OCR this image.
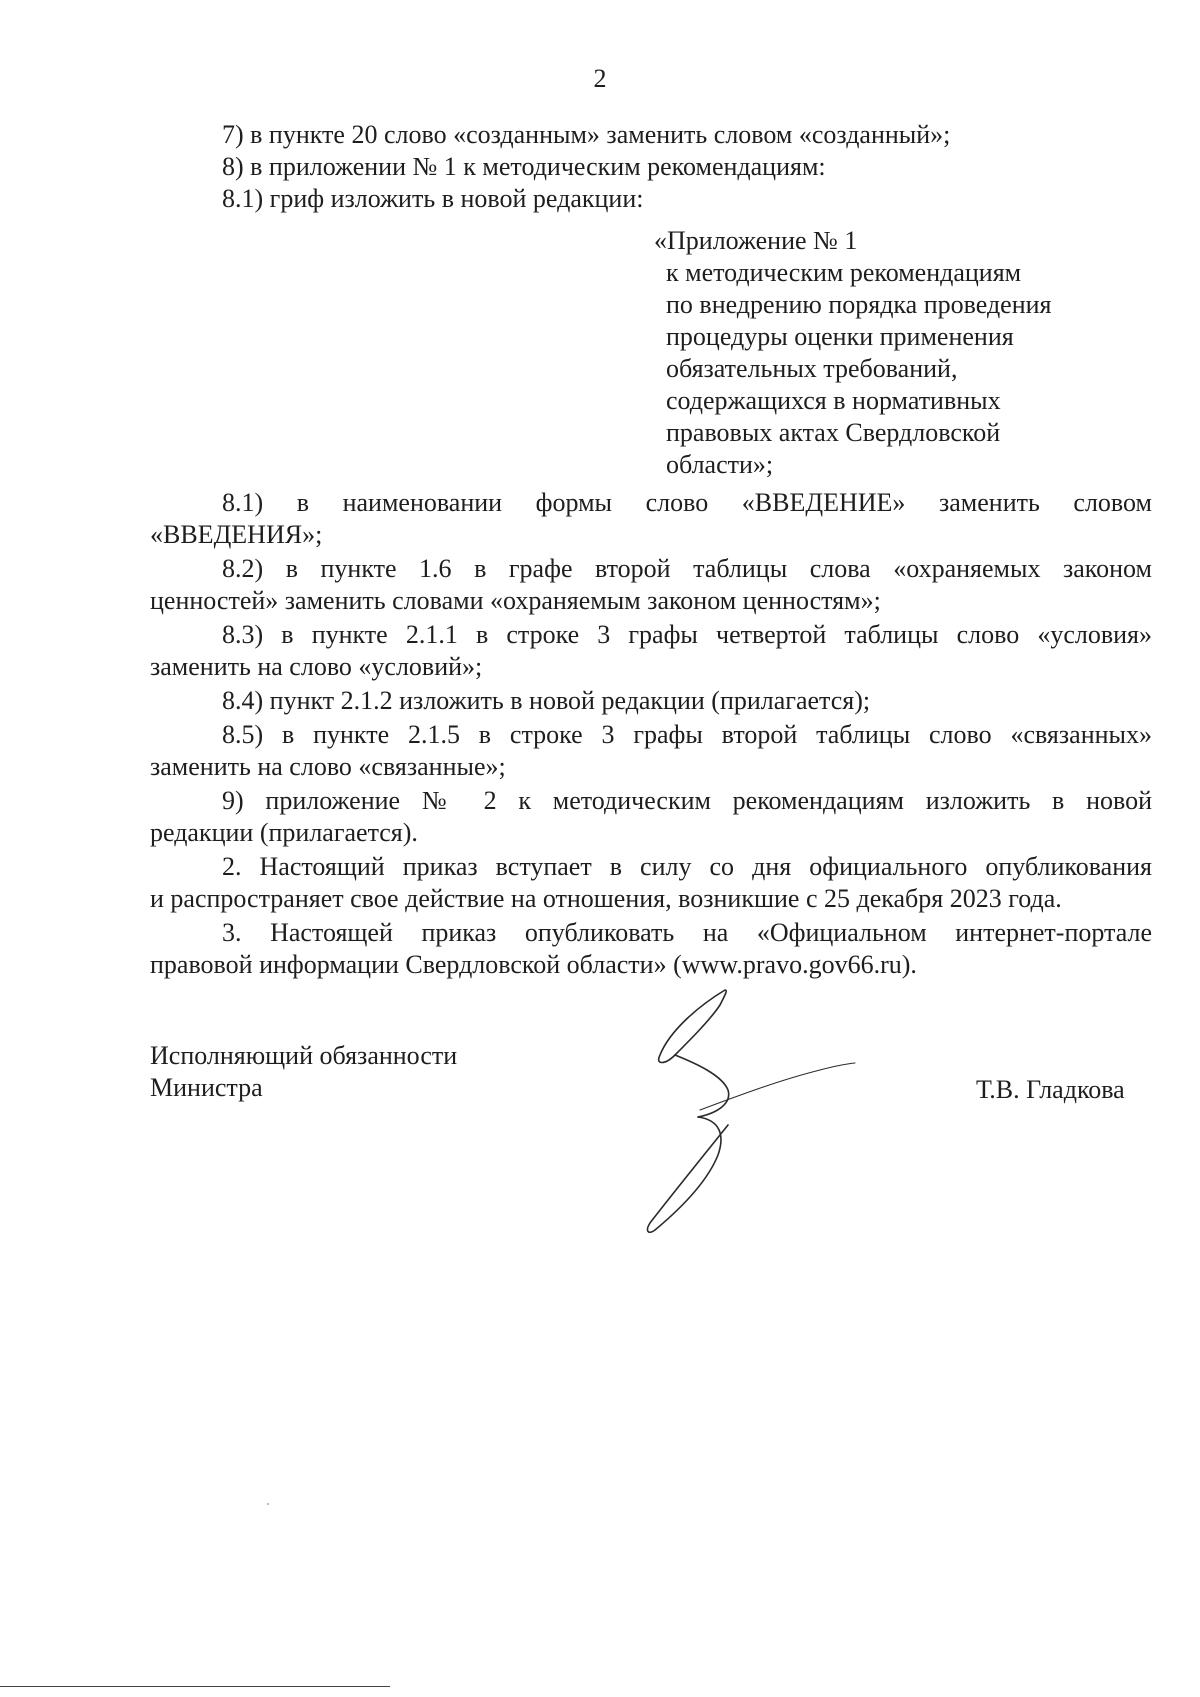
2
7) в пункте 20 слово «созданным» заменить словом «созданный»;
8) в приложении № 1 к методическим рекомендациям:
8.1) гриф изложить в новой редакции:
«Приложение № 1
к методическим рекомендациям
по внедрению порядка проведения
процедуры оценки применения
обязательных требований,
содержащихся в нормативных
правовых актах Свердловской
области»;
8.1) в наименовании формы слово «ВВЕДЕНИЕ» заменить словом
«ВВЕДЕНИЯ»;
8.2) в пункте 1.6 в графе второй таблицы слова «охраняемых законом
ценностей» заменить словами «охраняемым законом ценностям»;
8.3) в пункте 2.1.1 в строке 3 графы четвертой таблицы слово «условия»
заменить на слово «условий»;
8.4) пункт 2.1.2 изложить в новой редакции (прилагается);
8.5) в пункте 2.1.5 в строке 3 графы второй таблицы слово «связанных»
заменить на слово «связанные»;
9) приложение № 2 к методическим рекомендациям изложить в новой
редакции (прилагается).
2. Настоящий приказ вступает в силу со дня официального опубликования
и распространяет свое действие на отношения, возникшие с 25 декабря 2023 года.
3. Настоящей приказ опубликовать на «Официальном интернет-портале
правовой информации Свердловской области» (www.pravo.gov66.ru).
Исполняющий обязанности
Министра	Т.В. Гладкова
